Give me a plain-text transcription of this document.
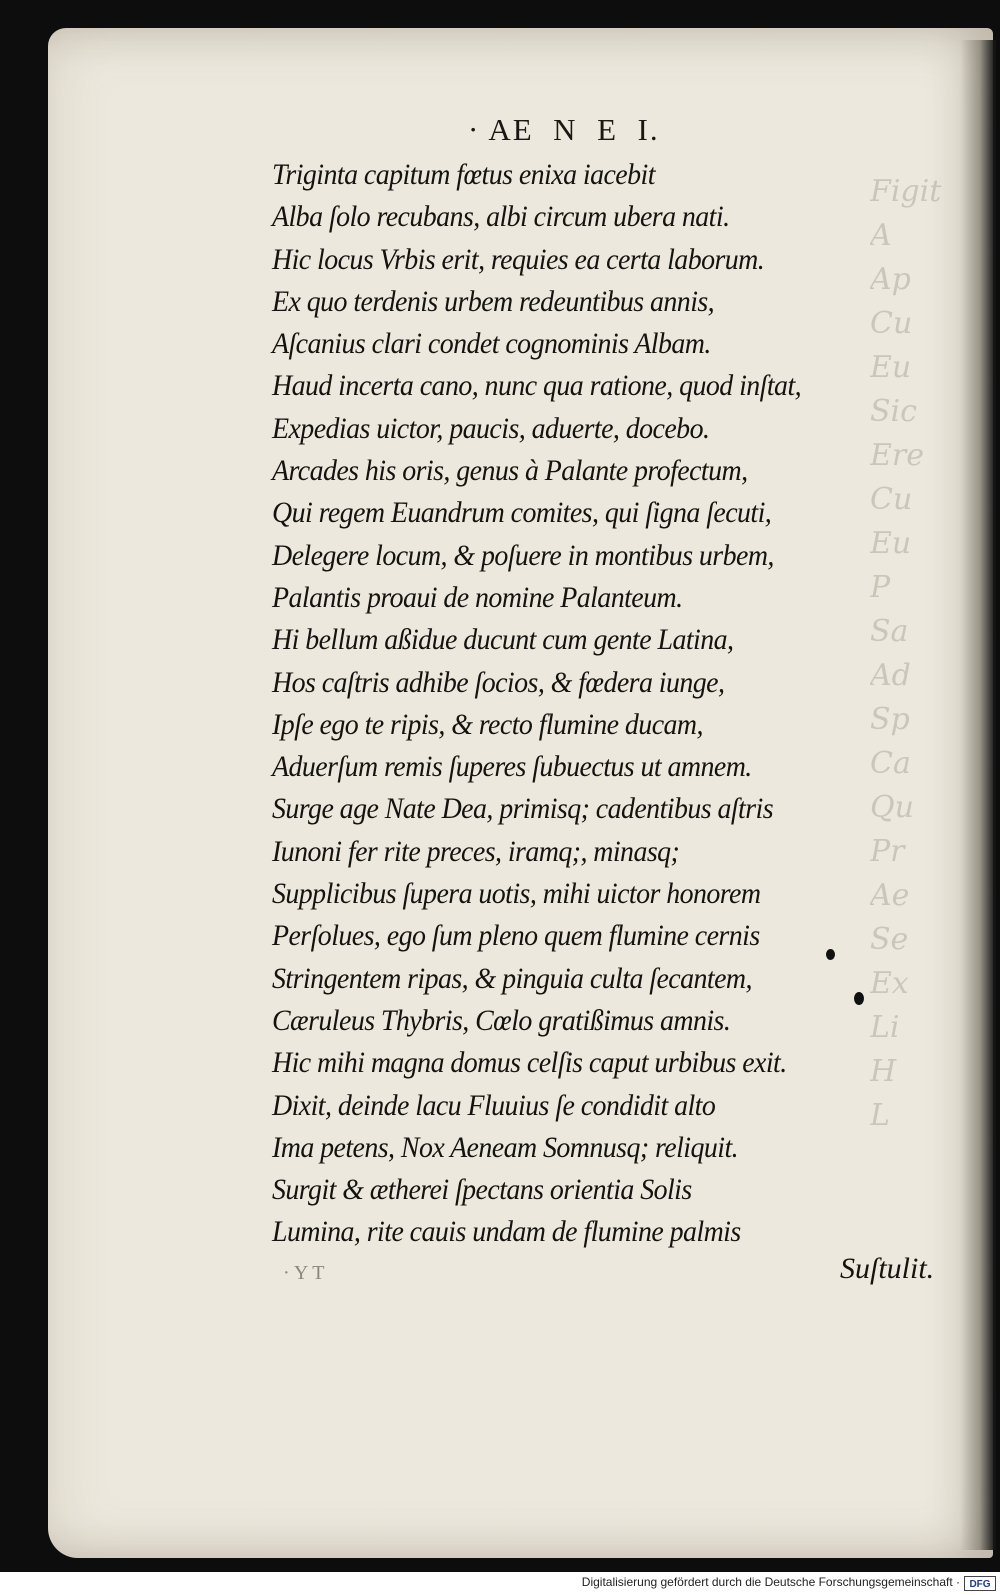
Figit
A
Ap
Cu
Eu
Sic
Ere
Cu
Eu
P
Sa
Ad
Sp
Ca
Qu
Pr
Ae
Se
Ex
Li
H
L
· AE  N  E  I.
Triginta capitum fœtus enixa iacebit
Alba ſolo recubans, albi circum ubera nati.
Hic locus Vrbis erit, requies ea certa laborum.
Ex quo terdenis urbem redeuntibus annis,
Aſcanius clari condet cognominis Albam.
Haud incerta cano, nunc qua ratione, quod inſtat,
Expedias uictor, paucis, aduerte, docebo.
Arcades his oris, genus à Palante profectum,
Qui regem Euandrum comites, qui ſigna ſecuti,
Delegere locum, & poſuere in montibus urbem,
Palantis proaui de nomine Palanteum.
Hi bellum aßidue ducunt cum gente Latina,
Hos caſtris adhibe ſocios, & fœdera iunge,
Ipſe ego te ripis, & recto flumine ducam,
Aduerſum remis ſuperes ſubuectus ut amnem.
Surge age Nate Dea, primisq; cadentibus aſtris
Iunoni fer rite preces, iramq;, minasq;
Supplicibus ſupera uotis, mihi uictor honorem
Perſolues, ego ſum pleno quem flumine cernis
Stringentem ripas, & pinguia culta ſecantem,
Cæruleus Thybris, Cœlo gratißimus amnis.
Hic mihi magna domus celſis caput urbibus exit.
Dixit, deinde lacu Fluuius ſe condidit alto
Ima petens, Nox Aeneam Somnusq; reliquit.
Surgit & ætherei ſpectans orientia Solis
Lumina, rite cauis undam de flumine palmis
· Y T	Suſtulit.
Digitalisierung gefördert durch die Deutsche Forschungsgemeinschaft · DFG
